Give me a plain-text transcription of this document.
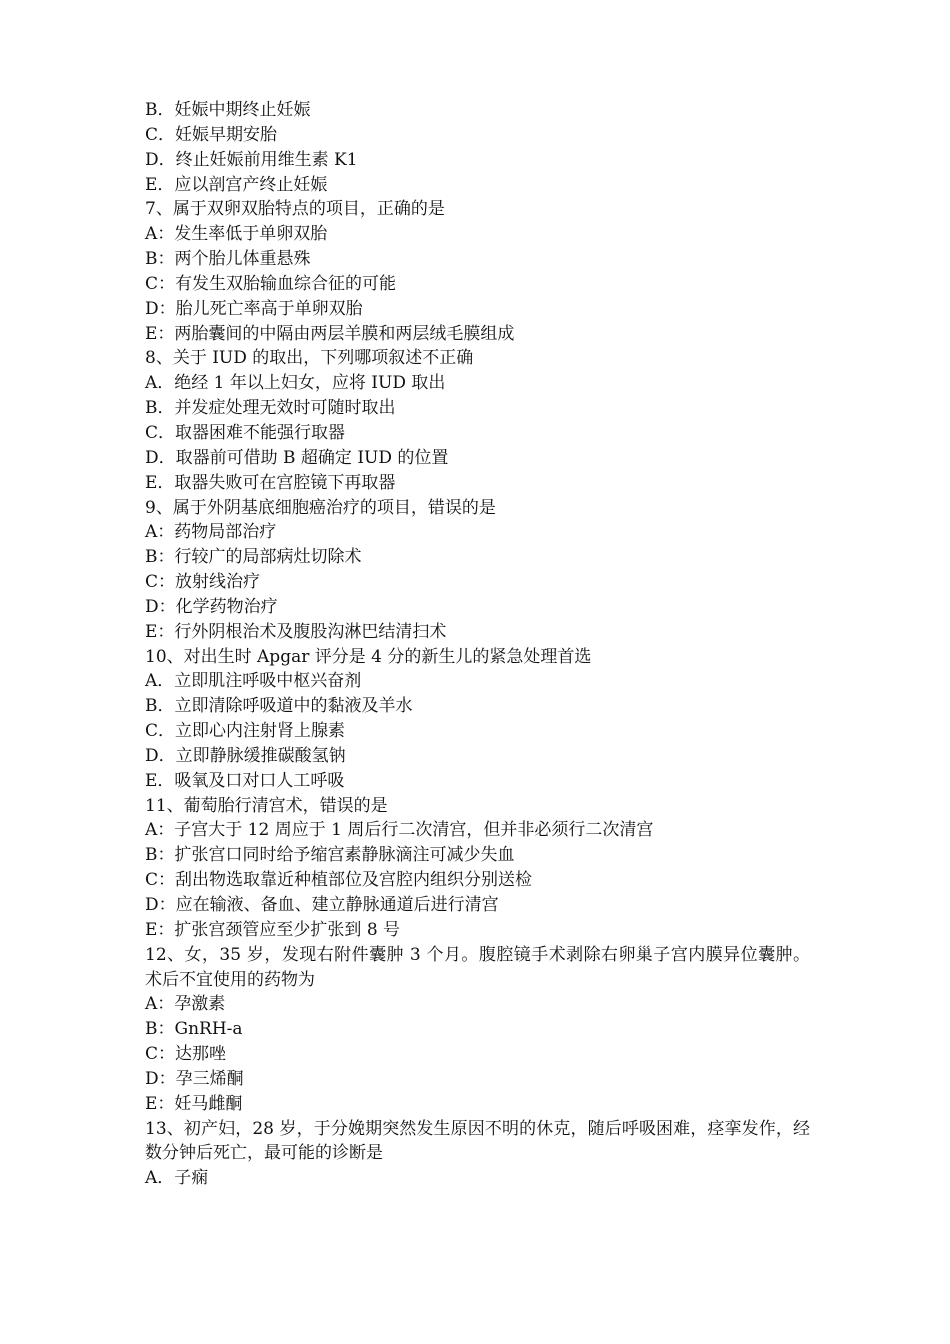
B．妊娠中期终止妊娠
C．妊娠早期安胎
D．终止妊娠前用维生素 K1
E．应以剖宫产终止妊娠
7、属于双卵双胎特点的项目，正确的是
A：发生率低于单卵双胎
B：两个胎儿体重悬殊
C：有发生双胎输血综合征的可能
D：胎儿死亡率高于单卵双胎
E：两胎囊间的中隔由两层羊膜和两层绒毛膜组成
8、关于 IUD 的取出，下列哪项叙述不正确
A．绝经 1 年以上妇女，应将 IUD 取出
B．并发症处理无效时可随时取出
C．取器困难不能强行取器
D．取器前可借助 B 超确定 IUD 的位置
E．取器失败可在宫腔镜下再取器
9、属于外阴基底细胞癌治疗的项目，错误的是
A：药物局部治疗
B：行较广的局部病灶切除术
C：放射线治疗
D：化学药物治疗
E：行外阴根治术及腹股沟淋巴结清扫术
10、对出生时 Apgar 评分是 4 分的新生儿的紧急处理首选
A．立即肌注呼吸中枢兴奋剂
B．立即清除呼吸道中的黏液及羊水
C．立即心内注射肾上腺素
D．立即静脉缓推碳酸氢钠
E．吸氧及口对口人工呼吸
11、葡萄胎行清宫术，错误的是
A：子宫大于 12 周应于 1 周后行二次清宫，但并非必须行二次清宫
B：扩张宫口同时给予缩宫素静脉滴注可减少失血
C：刮出物选取靠近种植部位及宫腔内组织分别送检
D：应在输液、备血、建立静脉通道后进行清宫
E：扩张宫颈管应至少扩张到 8 号
12、女，35 岁，发现右附件囊肿 3 个月。腹腔镜手术剥除右卵巢子宫内膜异位囊肿。术后不宜使用的药物为
A：孕激素
B：GnRH-a
C：达那唑
D：孕三烯酮
E：妊马雌酮
13、初产妇，28 岁，于分娩期突然发生原因不明的休克，随后呼吸困难，痉挛发作，经数分钟后死亡，最可能的诊断是
A．子痫
